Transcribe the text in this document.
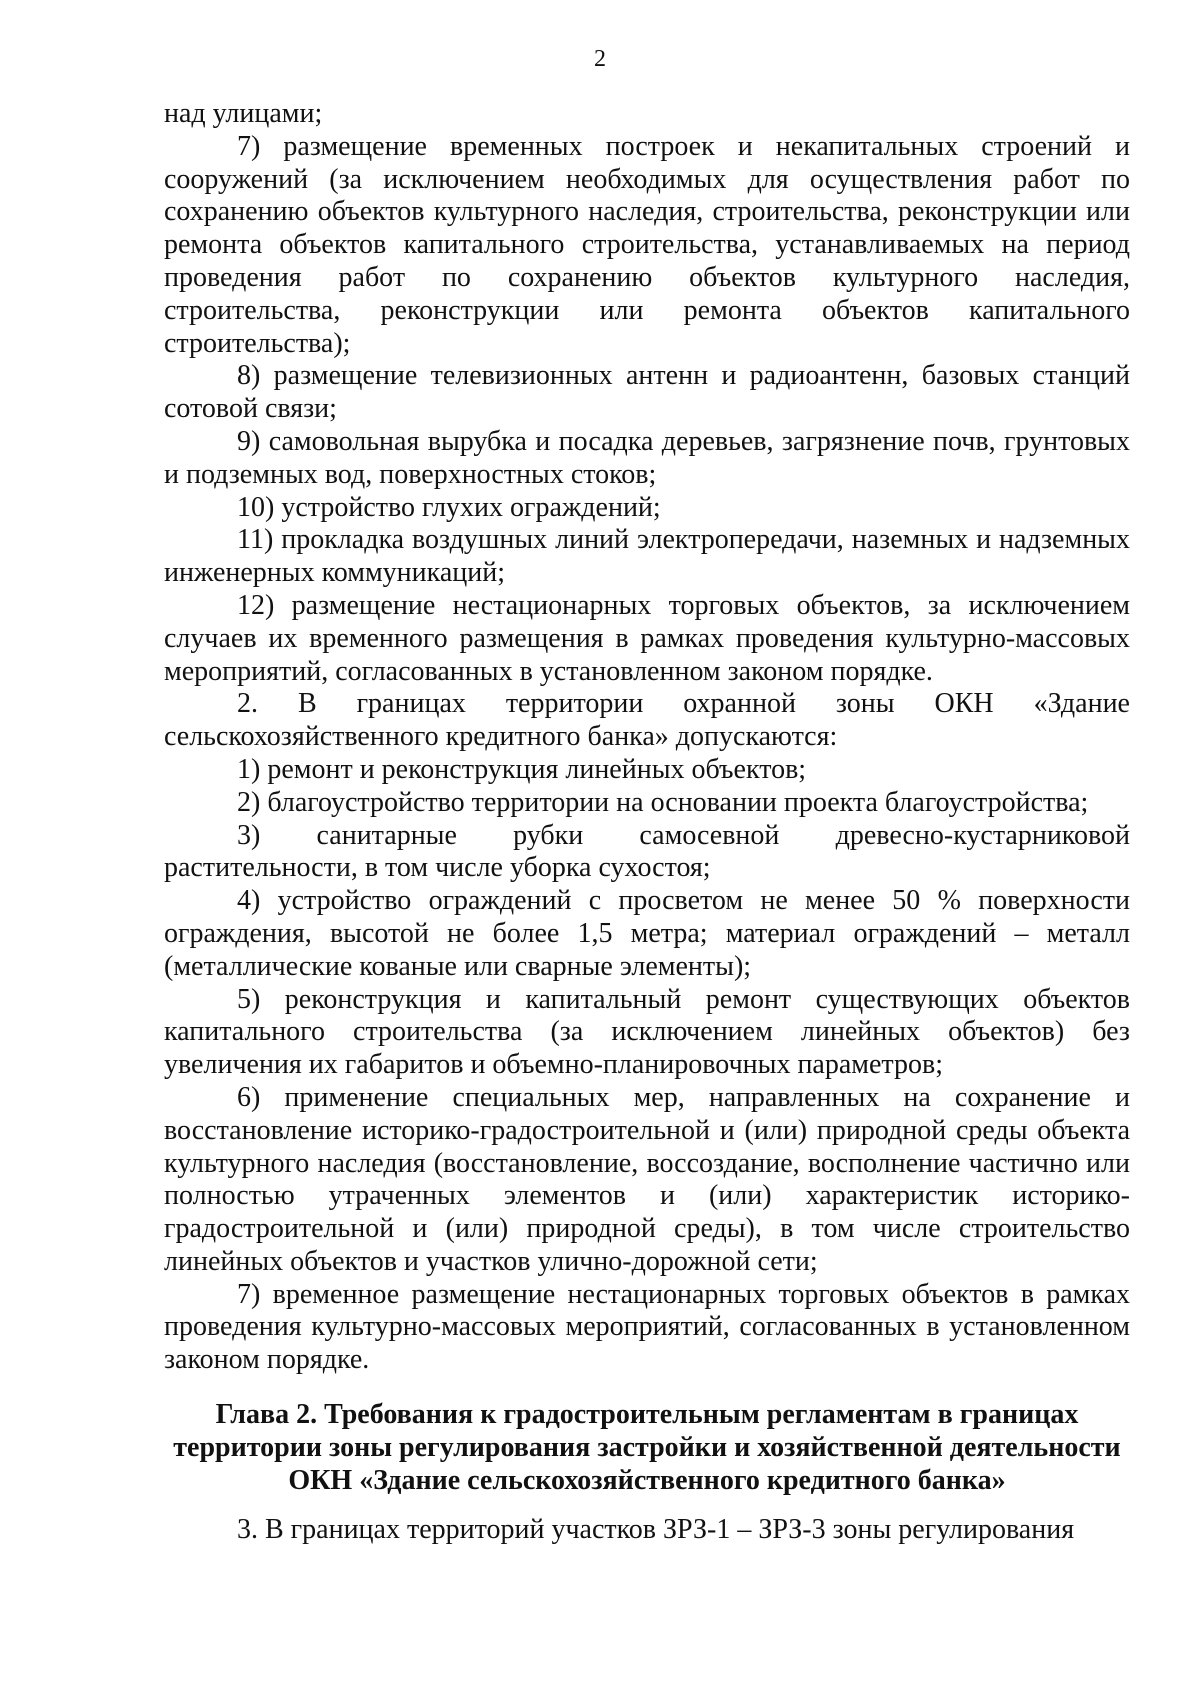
2

над улицами;

7) размещение временных построек и некапитальных строений и сооружений (за исключением необходимых для осуществления работ по сохранению объектов культурного наследия, строительства, реконструкции или ремонта объектов капитального строительства, устанавливаемых на период проведения работ по сохранению объектов культурного наследия, строительства, реконструкции или ремонта объектов капитального строительства);

8) размещение телевизионных антенн и радиоантенн, базовых станций сотовой связи;

9) самовольная вырубка и посадка деревьев, загрязнение почв, грунтовых и подземных вод, поверхностных стоков;

10) устройство глухих ограждений;

11) прокладка воздушных линий электропередачи, наземных и надземных инженерных коммуникаций;

12) размещение нестационарных торговых объектов, за исключением случаев их временного размещения в рамках проведения культурно-массовых мероприятий, согласованных в установленном законом порядке.

2. В границах территории охранной зоны ОКН «Здание сельскохозяйственного кредитного банка» допускаются:

1) ремонт и реконструкция линейных объектов;

2) благоустройство территории на основании проекта благоустройства;

3) санитарные рубки самосевной древесно-кустарниковой растительности, в том числе уборка сухостоя;

4) устройство ограждений с просветом не менее 50 % поверхности ограждения, высотой не более 1,5 метра; материал ограждений – металл (металлические кованые или сварные элементы);

5) реконструкция и капитальный ремонт существующих объектов капитального строительства (за исключением линейных объектов) без увеличения их габаритов и объемно-планировочных параметров;

6) применение специальных мер, направленных на сохранение и восстановление историко-градостроительной и (или) природной среды объекта культурного наследия (восстановление, воссоздание, восполнение частично или полностью утраченных элементов и (или) характеристик историко-градостроительной и (или) природной среды), в том числе строительство линейных объектов и участков улично-дорожной сети;

7) временное размещение нестационарных торговых объектов в рамках проведения культурно-массовых мероприятий, согласованных в установленном законом порядке.

Глава 2. Требования к градостроительным регламентам в границах территории зоны регулирования застройки и хозяйственной деятельности ОКН «Здание сельскохозяйственного кредитного банка»

3. В границах территорий участков ЗРЗ-1 – ЗРЗ-3 зоны регулирования
